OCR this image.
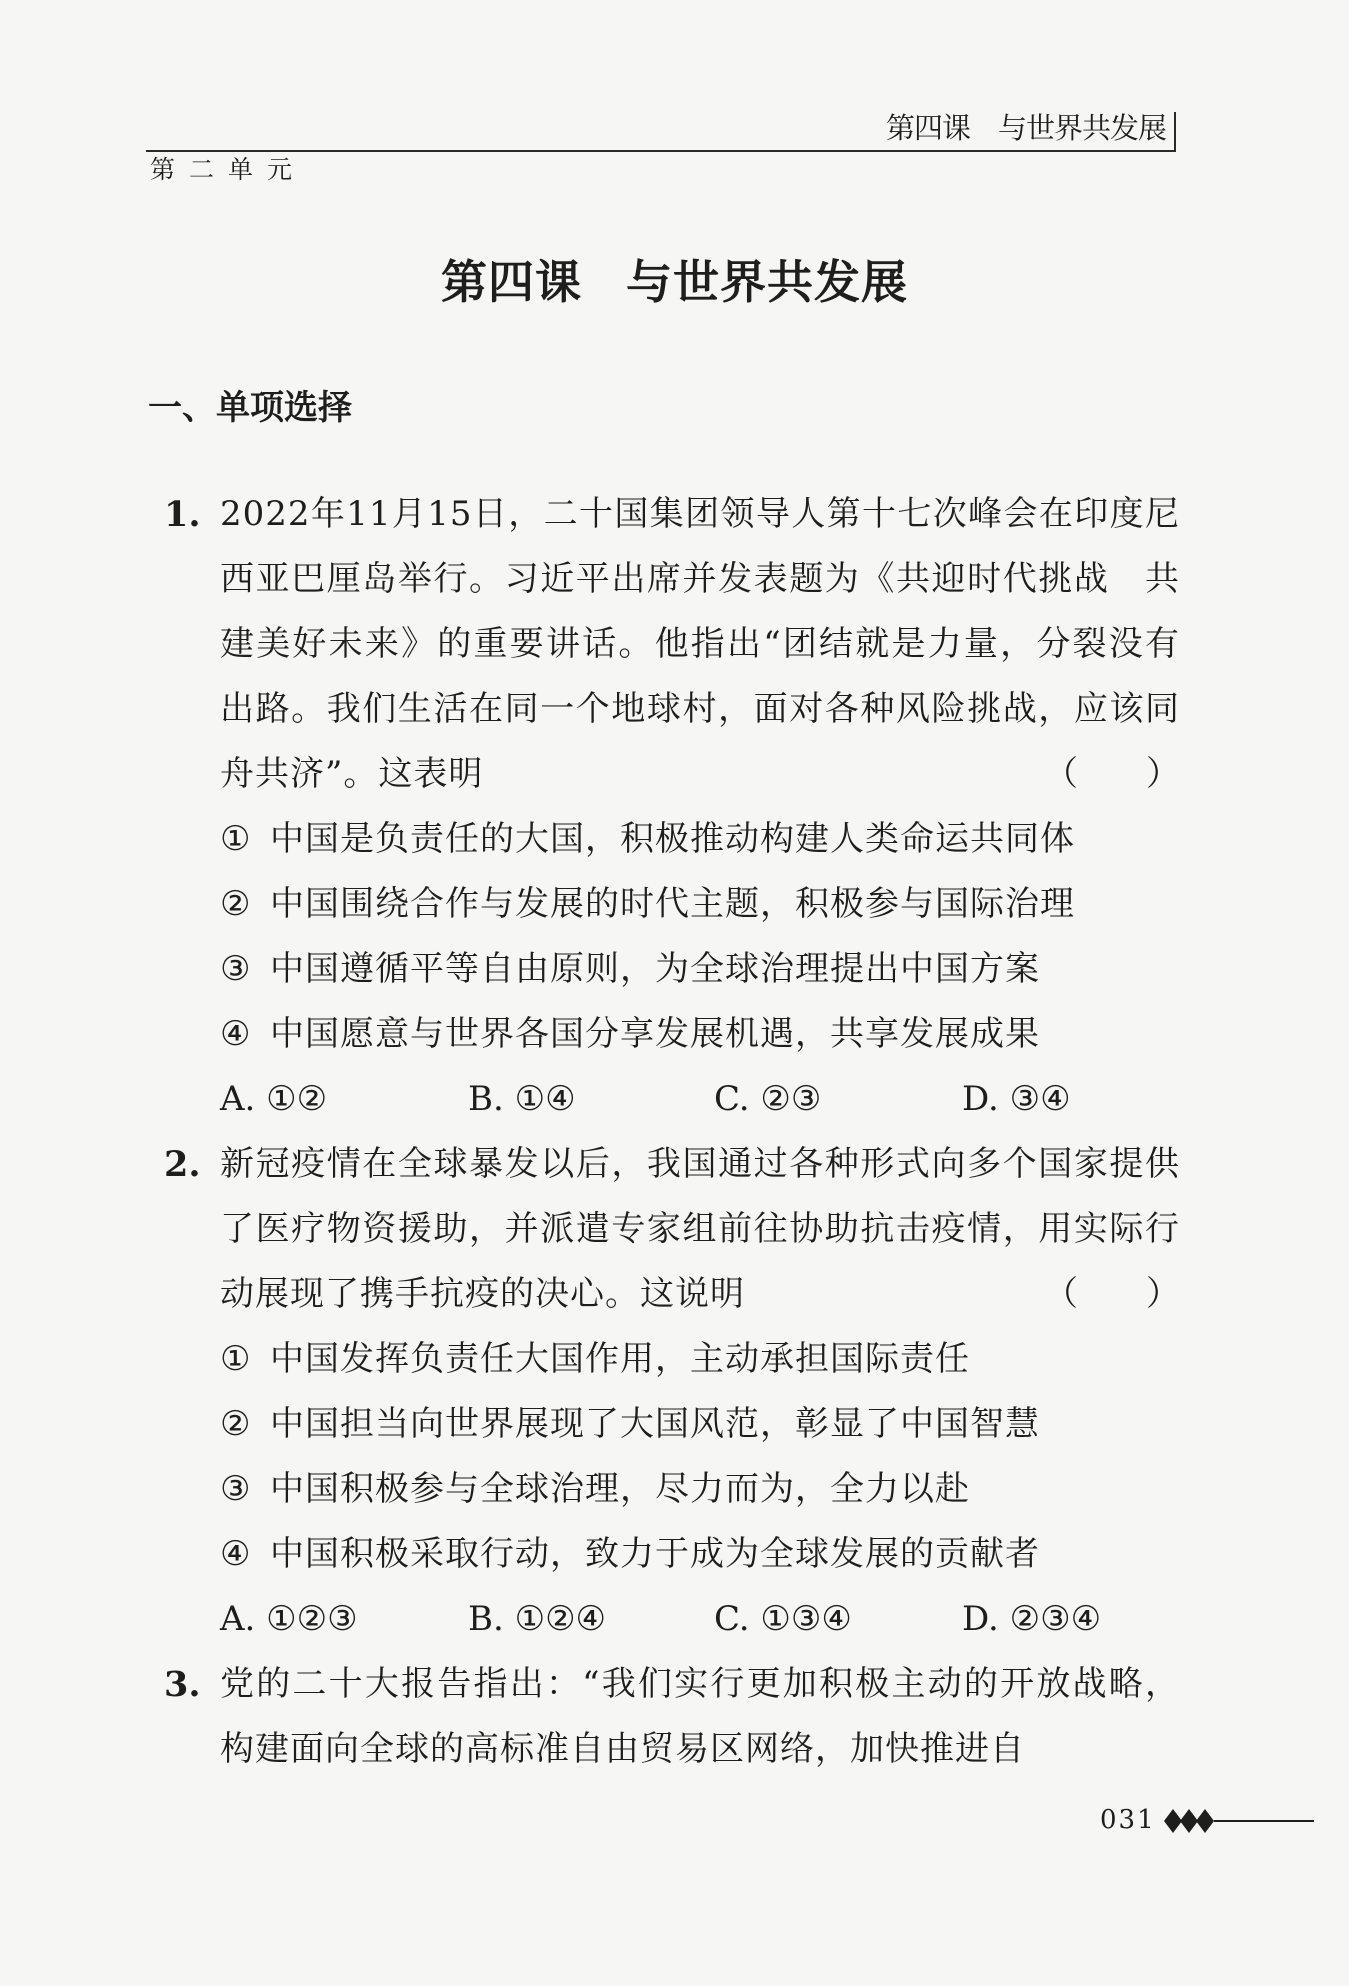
第四课　与世界共发展
第二单元
第四课 与世界共发展
一、单项选择
1. 2022年11月15日，二十国集团领导人第十七次峰会在印度尼西亚巴厘岛举行。习近平出席并发表题为《共迎时代挑战　共建美好未来》的重要讲话。他指出“团结就是力量，分裂没有出路。我们生活在同一个地球村，面对各种风险挑战，应该同舟共济”。这表明	（　　）
① 中国是负责任的大国，积极推动构建人类命运共同体
② 中国围绕合作与发展的时代主题，积极参与国际治理
③ 中国遵循平等自由原则，为全球治理提出中国方案
④ 中国愿意与世界各国分享发展机遇，共享发展成果
A. ①②	B. ①④	C. ②③	D. ③④
2. 新冠疫情在全球暴发以后，我国通过各种形式向多个国家提供了医疗物资援助，并派遣专家组前往协助抗击疫情，用实际行动展现了携手抗疫的决心。这说明	（　　）
① 中国发挥负责任大国作用，主动承担国际责任
② 中国担当向世界展现了大国风范，彰显了中国智慧
③ 中国积极参与全球治理，尽力而为，全力以赴
④ 中国积极采取行动，致力于成为全球发展的贡献者
A. ①②③	B. ①②④	C. ①③④	D. ②③④
3. 党的二十大报告指出：“我们实行更加积极主动的开放战略，构建面向全球的高标准自由贸易区网络，加快推进自
031
